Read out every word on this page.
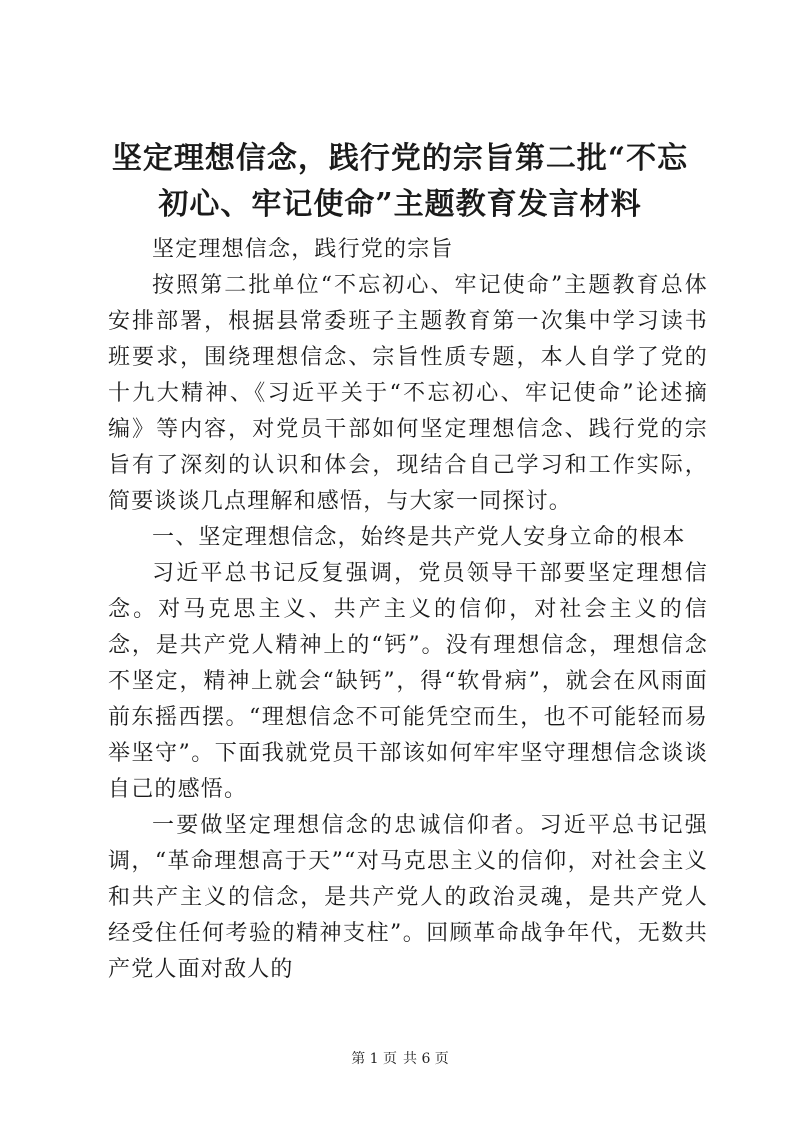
坚定理想信念，践行党的宗旨第二批“不忘初心、牢记使命”主题教育发言材料

坚定理想信念，践行党的宗旨

按照第二批单位“不忘初心、牢记使命”主题教育总体安排部署，根据县常委班子主题教育第一次集中学习读书班要求，围绕理想信念、宗旨性质专题，本人自学了党的十九大精神、《习近平关于“不忘初心、牢记使命”论述摘编》等内容，对党员干部如何坚定理想信念、践行党的宗旨有了深刻的认识和体会，现结合自己学习和工作实际，简要谈谈几点理解和感悟，与大家一同探讨。

一、坚定理想信念，始终是共产党人安身立命的根本

习近平总书记反复强调，党员领导干部要坚定理想信念。对马克思主义、共产主义的信仰，对社会主义的信念，是共产党人精神上的“钙”。没有理想信念，理想信念不坚定，精神上就会“缺钙”，得“软骨病”，就会在风雨面前东摇西摆。“理想信念不可能凭空而生，也不可能轻而易举坚守”。下面我就党员干部该如何牢牢坚守理想信念谈谈自己的感悟。

一要做坚定理想信念的忠诚信仰者。习近平总书记强调，“革命理想高于天”“对马克思主义的信仰，对社会主义和共产主义的信念，是共产党人的政治灵魂，是共产党人经受住任何考验的精神支柱”。回顾革命战争年代，无数共产党人面对敌人的

第 1 页 共 6 页
